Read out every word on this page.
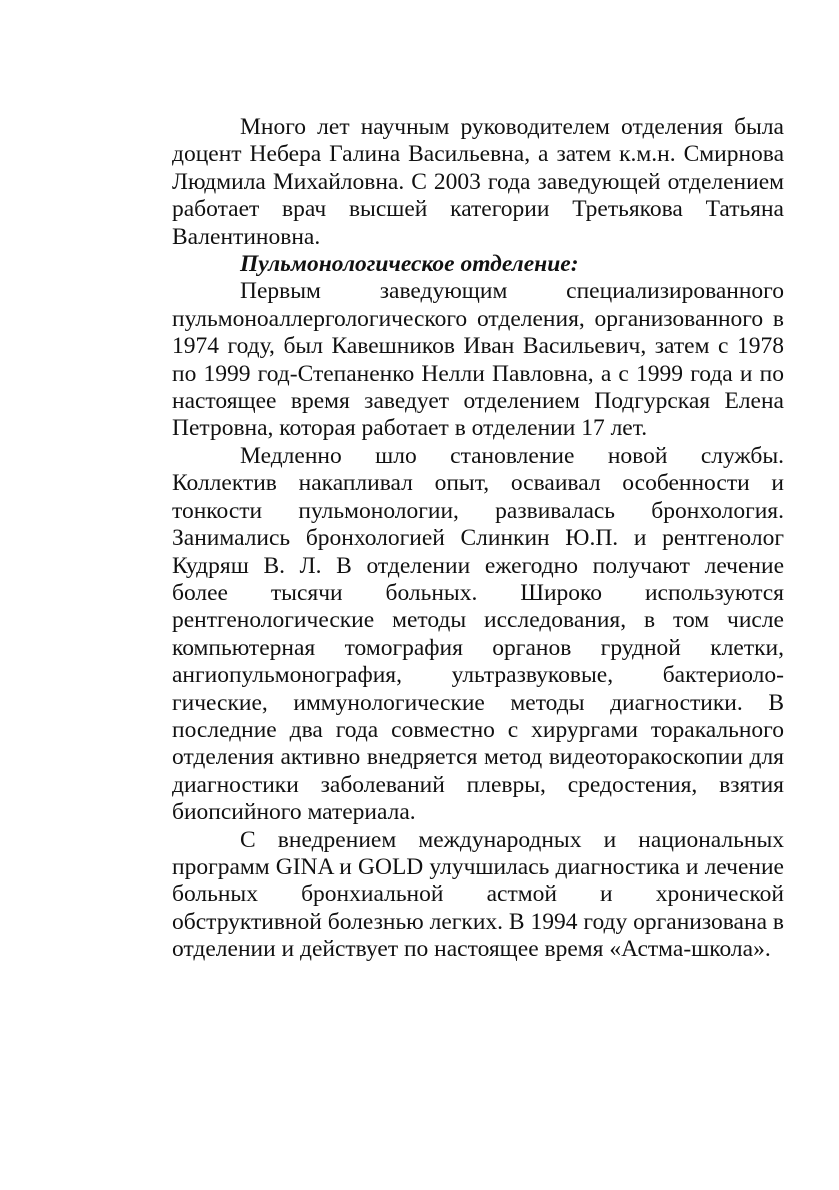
Много лет научным руководителем отделения была доцент Небера Галина Васильевна, а затем к.м.н. Смирнова Людмила Михайловна. С 2003 года заведующей отделением работает врач высшей категории Третьякова Татьяна Валентиновна.

Пульмонологическое отделение:

Первым заведующим специализированного пульмоноаллергологического отделения, организованного в 1974 году, был Кавешников Иван Васильевич, затем с 1978 по 1999 год-Степаненко Нелли Павловна, а с 1999 года и по настоящее время заведует отделением Подгурская Елена Петровна, которая работает в отделении 17 лет.

Медленно шло становление новой службы. Коллектив накапливал опыт, осваивал особенности и тонкости пульмонологии, развивалась бронхология. Занимались бронхологией Слинкин Ю.П. и рентгенолог Кудряш В. Л. В отделении ежегодно получают лечение более тысячи больных. Широко используются рентгенологические методы исследования, в том числе компьютерная томография органов грудной клетки, ангиопульмонография, ультразвуковые, бактериологические, иммунологические методы диагностики. В последние два года совместно с хирургами торакального отделения активно внедряется метод видеоторакоскопии для диагностики заболеваний плевры, средостения, взятия биопсийного материала.

С внедрением международных и национальных программ GINA и GOLD улучшилась диагностика и лечение больных бронхиальной астмой и хронической обструктивной болезнью легких. В 1994 году организована в отделении и действует по настоящее время «Астма-школа».
